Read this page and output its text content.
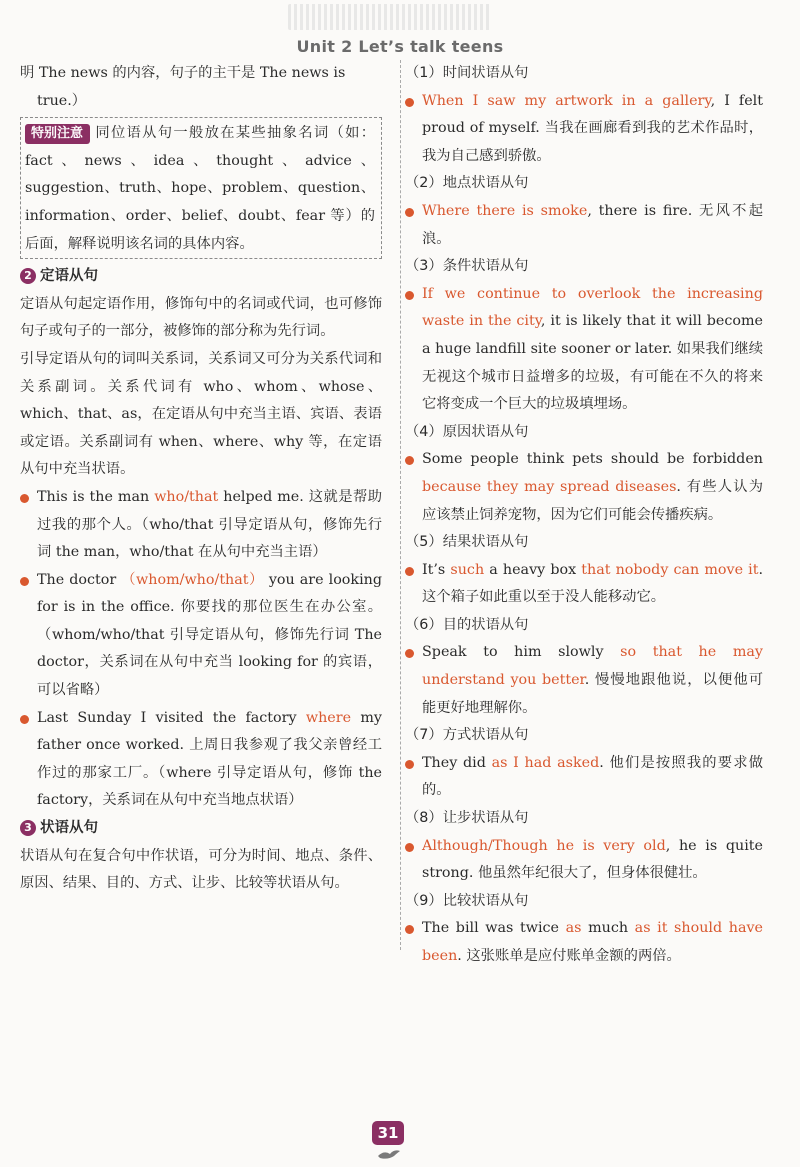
Unit 2 Let’s talk teens

明 The news 的内容，句子的主干是 The news is

true.）

特别注意 同位语从句一般放在某些抽象名词（如：fact、news、idea、thought、advice、suggestion、truth、hope、problem、question、information、order、belief、doubt、fear 等）的后面，解释说明该名词的具体内容。

2 定语从句

定语从句起定语作用，修饰句中的名词或代词，也可修饰句子或句子的一部分，被修饰的部分称为先行词。

引导定语从句的词叫关系词，关系词又可分为关系代词和关系副词。关系代词有 who、whom、whose、which、that、as，在定语从句中充当主语、宾语、表语或定语。关系副词有 when、where、why 等，在定语从句中充当状语。

This is the man who/that helped me. 这就是帮助过我的那个人。（who/that 引导定语从句，修饰先行词 the man，who/that 在从句中充当主语）

The doctor （whom/who/that） you are looking for is in the office. 你要找的那位医生在办公室。（whom/who/that 引导定语从句，修饰先行词 The doctor，关系词在从句中充当 looking for 的宾语，可以省略）

Last Sunday I visited the factory where my father once worked. 上周日我参观了我父亲曾经工作过的那家工厂。（where 引导定语从句，修饰 the factory，关系词在从句中充当地点状语）

3 状语从句

状语从句在复合句中作状语，可分为时间、地点、条件、原因、结果、目的、方式、让步、比较等状语从句。

（1）时间状语从句

When I saw my artwork in a gallery, I felt proud of myself. 当我在画廊看到我的艺术作品时，我为自己感到骄傲。

（2）地点状语从句

Where there is smoke, there is fire. 无风不起浪。

（3）条件状语从句

If we continue to overlook the increasing waste in the city, it is likely that it will become a huge landfill site sooner or later. 如果我们继续无视这个城市日益增多的垃圾，有可能在不久的将来它将变成一个巨大的垃圾填埋场。

（4）原因状语从句

Some people think pets should be forbidden because they may spread diseases. 有些人认为应该禁止饲养宠物，因为它们可能会传播疾病。

（5）结果状语从句

It’s such a heavy box that nobody can move it. 这个箱子如此重以至于没人能移动它。

（6）目的状语从句

Speak to him slowly so that he may understand you better. 慢慢地跟他说，以便他可能更好地理解你。

（7）方式状语从句

They did as I had asked. 他们是按照我的要求做的。

（8）让步状语从句

Although/Though he is very old, he is quite strong. 他虽然年纪很大了，但身体很健壮。

（9）比较状语从句

The bill was twice as much as it should have been. 这张账单是应付账单金额的两倍。

31
